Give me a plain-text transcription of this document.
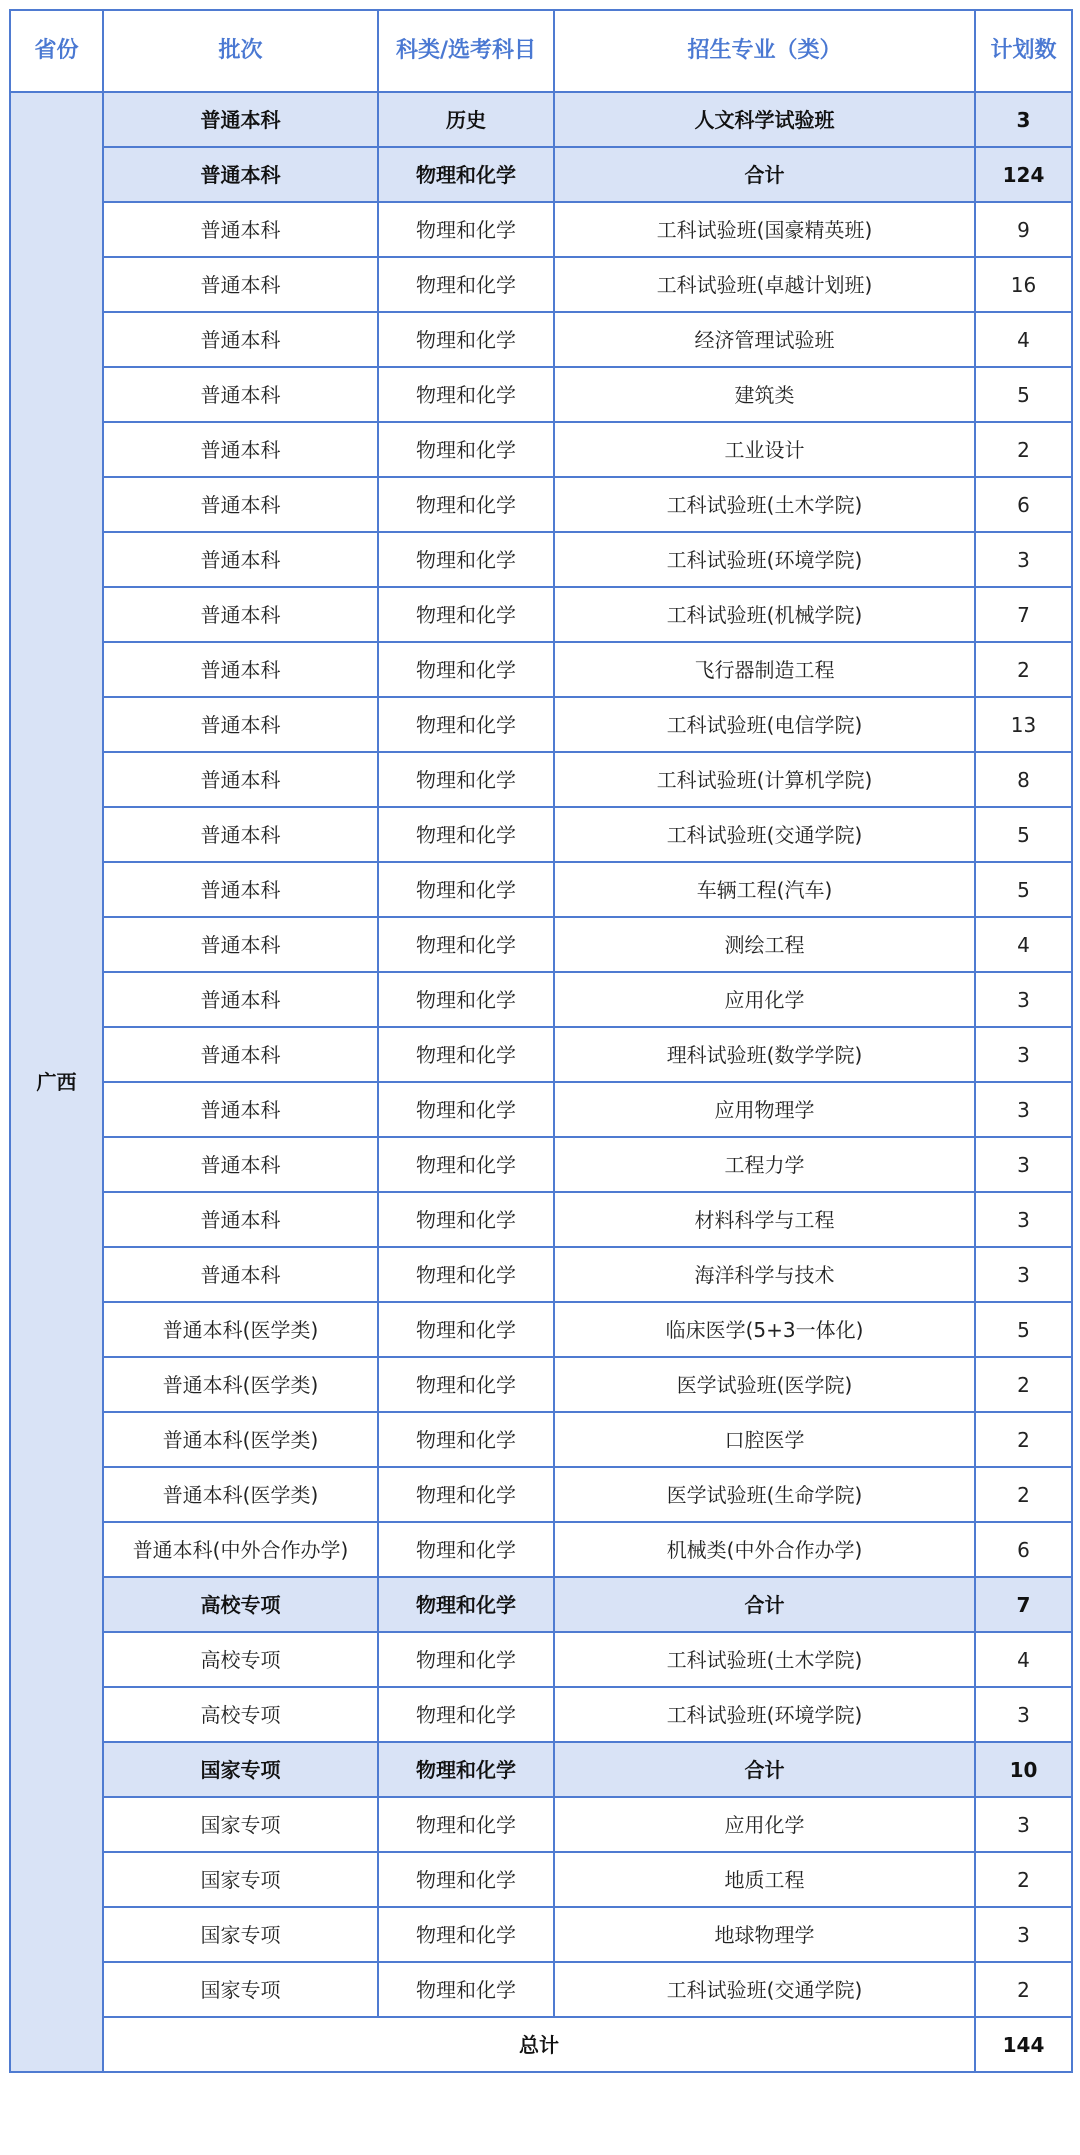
省份	批次	科类/选考科目	招生专业（类）	计划数
广西	普通本科	历史	人文科学试验班	3
	普通本科	物理和化学	合计	124
	普通本科	物理和化学	工科试验班(国豪精英班)	9
	普通本科	物理和化学	工科试验班(卓越计划班)	16
	普通本科	物理和化学	经济管理试验班	4
	普通本科	物理和化学	建筑类	5
	普通本科	物理和化学	工业设计	2
	普通本科	物理和化学	工科试验班(土木学院)	6
	普通本科	物理和化学	工科试验班(环境学院)	3
	普通本科	物理和化学	工科试验班(机械学院)	7
	普通本科	物理和化学	飞行器制造工程	2
	普通本科	物理和化学	工科试验班(电信学院)	13
	普通本科	物理和化学	工科试验班(计算机学院)	8
	普通本科	物理和化学	工科试验班(交通学院)	5
	普通本科	物理和化学	车辆工程(汽车)	5
	普通本科	物理和化学	测绘工程	4
	普通本科	物理和化学	应用化学	3
	普通本科	物理和化学	理科试验班(数学学院)	3
	普通本科	物理和化学	应用物理学	3
	普通本科	物理和化学	工程力学	3
	普通本科	物理和化学	材料科学与工程	3
	普通本科	物理和化学	海洋科学与技术	3
	普通本科(医学类)	物理和化学	临床医学(5+3一体化)	5
	普通本科(医学类)	物理和化学	医学试验班(医学院)	2
	普通本科(医学类)	物理和化学	口腔医学	2
	普通本科(医学类)	物理和化学	医学试验班(生命学院)	2
	普通本科(中外合作办学)	物理和化学	机械类(中外合作办学)	6
	高校专项	物理和化学	合计	7
	高校专项	物理和化学	工科试验班(土木学院)	4
	高校专项	物理和化学	工科试验班(环境学院)	3
	国家专项	物理和化学	合计	10
	国家专项	物理和化学	应用化学	3
	国家专项	物理和化学	地质工程	2
	国家专项	物理和化学	地球物理学	3
	国家专项	物理和化学	工科试验班(交通学院)	2
	总计			144
